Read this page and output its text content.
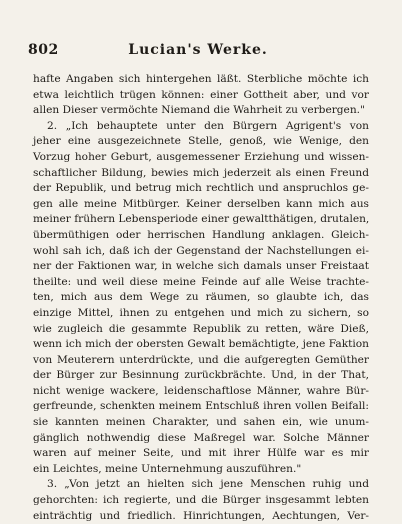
802	Lucian's Werke.
hafte Angaben sich hintergehen läßt. Sterbliche möchte ich
etwa leichtlich trügen können: einer Gottheit aber, und vor
allen Dieser vermöchte Niemand die Wahrheit zu verbergen."
2. „Ich behauptete unter den Bürgern Agrigent's von
jeher eine ausgezeichnete Stelle, genoß, wie Wenige, den
Vorzug hoher Geburt, ausgemessener Erziehung und wissen-
schaftlicher Bildung, bewies mich jederzeit als einen Freund
der Republik, und betrug mich rechtlich und anspruchlos ge-
gen alle meine Mitbürger. Keiner derselben kann mich aus
meiner frühern Lebensperiode einer gewaltthätigen, drutalen,
übermüthigen oder herrischen Handlung anklagen. Gleich-
wohl sah ich, daß ich der Gegenstand der Nachstellungen ei-
ner der Faktionen war, in welche sich damals unser Freistaat
theilte: und weil diese meine Feinde auf alle Weise trachte-
ten, mich aus dem Wege zu räumen, so glaubte ich, das
einzige Mittel, ihnen zu entgehen und mich zu sichern, so
wie zugleich die gesammte Republik zu retten, wäre Dieß,
wenn ich mich der obersten Gewalt bemächtigte, jene Faktion
von Meuterern unterdrückte, und die aufgeregten Gemüther
der Bürger zur Besinnung zurückbrächte. Und, in der That,
nicht wenige wackere, leidenschaftlose Männer, wahre Bür-
gerfreunde, schenkten meinem Entschluß ihren vollen Beifall:
sie kannten meinen Charakter, und sahen ein, wie unum-
gänglich nothwendig diese Maßregel war. Solche Männer
waren auf meiner Seite, und mit ihrer Hülfe war es mir
ein Leichtes, meine Unternehmung auszuführen."
3. „Von jetzt an hielten sich jene Menschen ruhig und
gehorchten: ich regierte, und die Bürger insgesammt lebten
einträchtig und friedlich. Hinrichtungen, Aechtungen, Ver-
